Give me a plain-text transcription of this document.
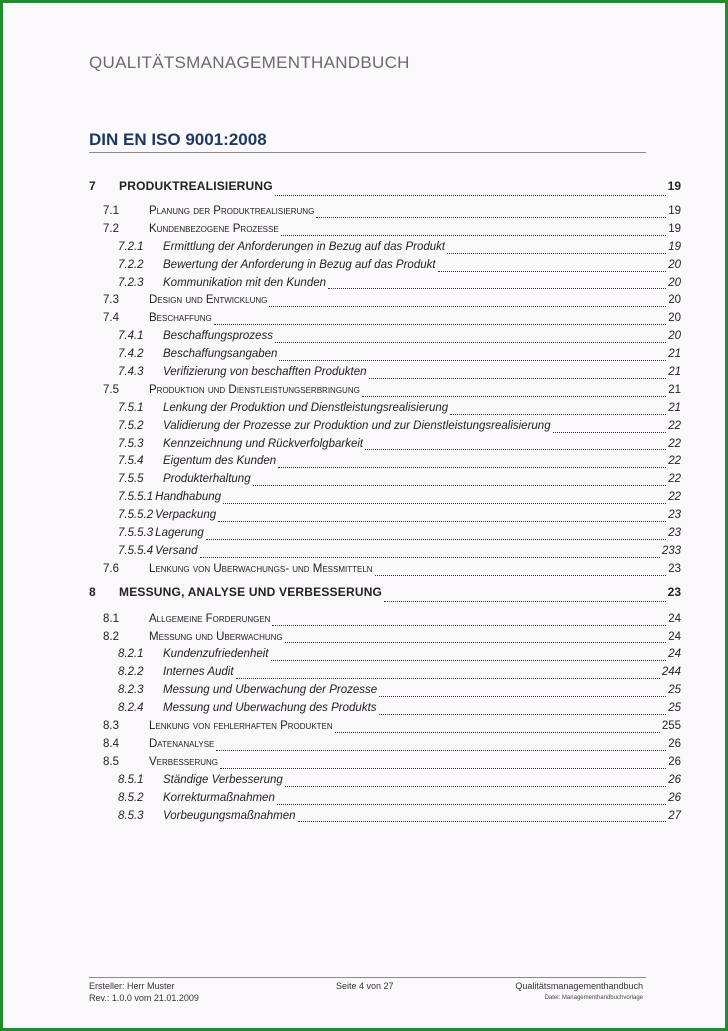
QUALITÄTSMANAGEMENTHANDBUCH
DIN EN ISO 9001:2008
7	PRODUKTREALISIERUNG	19
7.1	Planung der Produktrealisierung	19
7.2	Kundenbezogene Prozesse	19
7.2.1	Ermittlung der Anforderungen in Bezug auf das Produkt	19
7.2.2	Bewertung der Anforderung in Bezug auf das Produkt	20
7.2.3	Kommunikation mit den Kunden	20
7.3	Design und Entwicklung	20
7.4	Beschaffung	20
7.4.1	Beschaffungsprozess	20
7.4.2	Beschaffungsangaben	21
7.4.3	Verifizierung von beschafften Produkten	21
7.5	Produktion und Dienstleistungserbringung	21
7.5.1	Lenkung der Produktion und Dienstleistungsrealisierung	21
7.5.2	Validierung der Prozesse zur Produktion und zur Dienstleistungsrealisierung	22
7.5.3	Kennzeichnung und Rückverfolgbarkeit	22
7.5.4	Eigentum des Kunden	22
7.5.5	Produkterhaltung	22
7.5.5.1 Handhabung	22
7.5.5.2 Verpackung	23
7.5.5.3 Lagerung	23
7.5.5.4 Versand	233
7.6	Lenkung von Überwachungs- und Messmitteln	23
8	MESSUNG, ANALYSE UND VERBESSERUNG	23
8.1	Allgemeine Forderungen	24
8.2	Messung und Überwachung	24
8.2.1	Kundenzufriedenheit	24
8.2.2	Internes Audit	244
8.2.3	Messung und Überwachung der Prozesse	25
8.2.4	Messung und Überwachung des Produkts	25
8.3	Lenkung von fehlerhaften Produkten	255
8.4	Datenanalyse	26
8.5	Verbesserung	26
8.5.1	Ständige Verbesserung	26
8.5.2	Korrekturmaßnahmen	26
8.5.3	Vorbeugungsmaßnahmen	27
Ersteller: Herr Muster
Rev.: 1.0.0 vom 21.01.2009
Seite 4 von 27	Qualitätsmanagementhandbuch
Datei: Managementhandbuchvorlage
